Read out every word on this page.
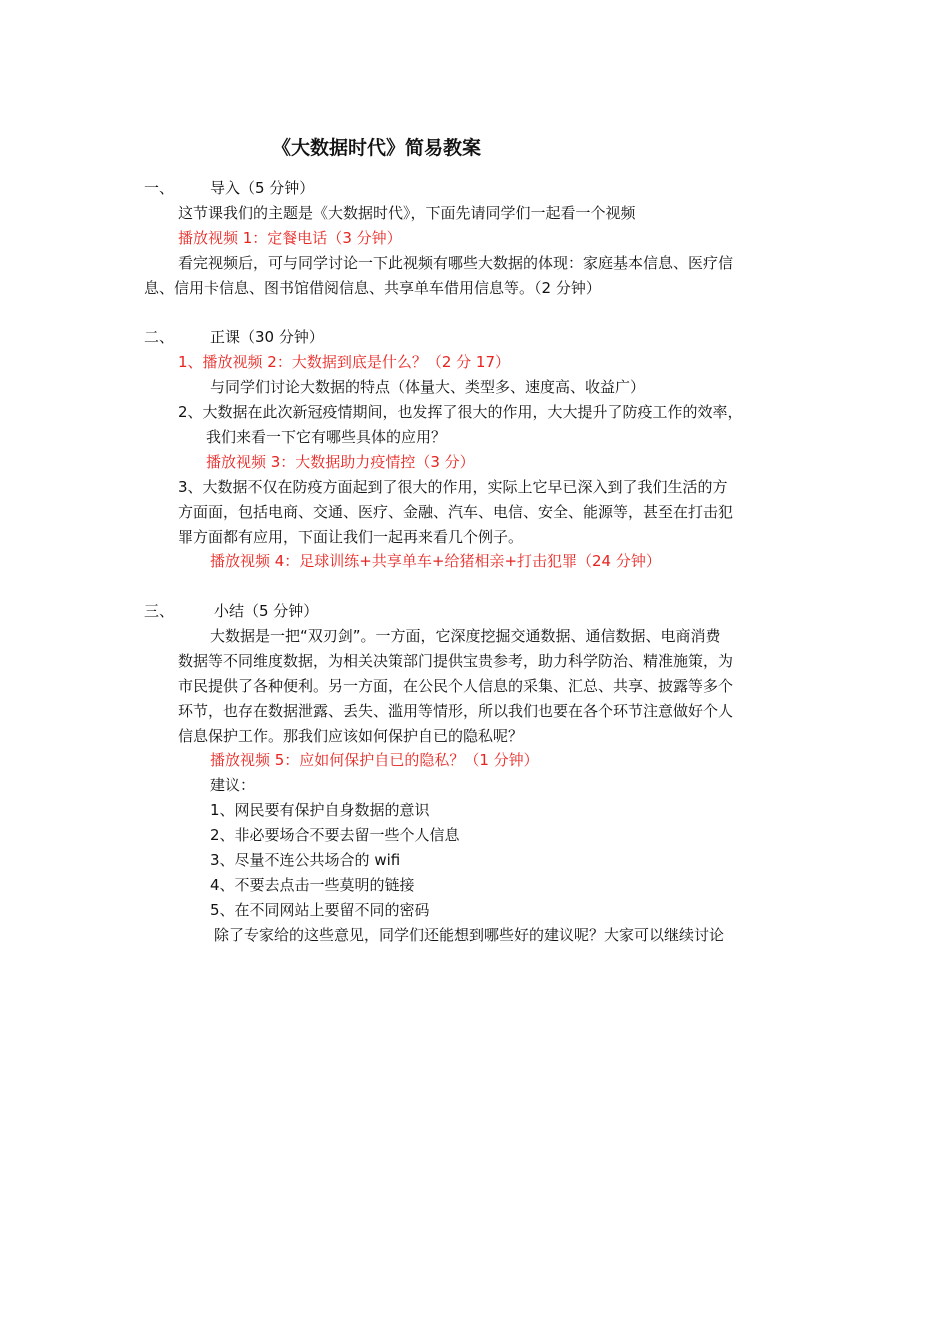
《大数据时代》简易教案
一、 导入（5 分钟）
这节课我们的主题是《大数据时代》，下面先请同学们一起看一个视频
播放视频 1：定餐电话（3 分钟）
看完视频后，可与同学讨论一下此视频有哪些大数据的体现：家庭基本信息、医疗信
息、信用卡信息、图书馆借阅信息、共享单车借用信息等。（2 分钟）
二、 正课（30 分钟）
1、播放视频 2：大数据到底是什么？（2 分 17）
与同学们讨论大数据的特点（体量大、类型多、速度高、收益广）
2、大数据在此次新冠疫情期间，也发挥了很大的作用，大大提升了防疫工作的效率，
我们来看一下它有哪些具体的应用？
播放视频 3：大数据助力疫情控（3 分）
3、大数据不仅在防疫方面起到了很大的作用，实际上它早已深入到了我们生活的方
方面面，包括电商、交通、医疗、金融、汽车、电信、安全、能源等，甚至在打击犯
罪方面都有应用，下面让我们一起再来看几个例子。
播放视频 4：足球训练+共享单车+给猪相亲+打击犯罪（24 分钟）
三、	小结（5 分钟）
大数据是一把“双刃剑”。一方面，它深度挖掘交通数据、通信数据、电商消费
数据等不同维度数据，为相关决策部门提供宝贵参考，助力科学防治、精准施策，为
市民提供了各种便利。另一方面，在公民个人信息的采集、汇总、共享、披露等多个
环节，也存在数据泄露、丢失、滥用等情形，所以我们也要在各个环节注意做好个人
信息保护工作。那我们应该如何保护自已的隐私呢？
播放视频 5：应如何保护自已的隐私？（1 分钟）
建议：
1、网民要有保护自身数据的意识
2、非必要场合不要去留一些个人信息
3、尽量不连公共场合的 wifi
4、不要去点击一些莫明的链接
5、在不同网站上要留不同的密码
除了专家给的这些意见，同学们还能想到哪些好的建议呢？大家可以继续讨论
